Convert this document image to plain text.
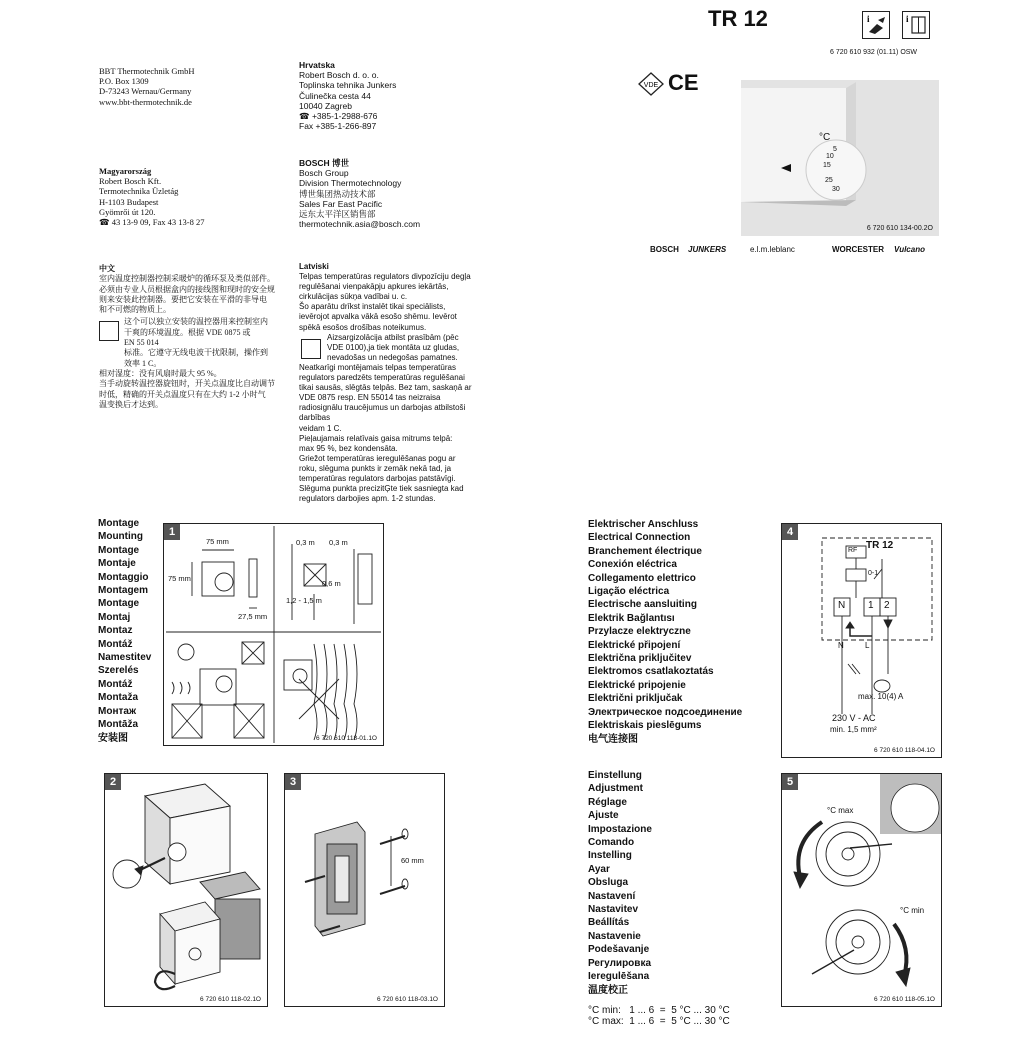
TR 12	i	i
6 720 610 932 (01.11) OSW
BBT Thermotechnik GmbH
P.O. Box 1309
D-73243 Wernau/Germany
www.bbt-thermotechnik.de
Magyarország
Robert Bosch Kft.
Termotechnika Üzletág
H-1103 Budapest
Gyömrői út 120.
☎ 43 13-9 09, Fax 43 13-8 27
Hrvatska
Robert Bosch d. o. o.
Toplinska tehnika Junkers
Čulinečka cesta 44
10040 Zagreb
☎ +385-1-2988-676
Fax +385-1-266-897
BOSCH 博世
Bosch Group
Division Thermotechnology
博世集团热动技术部
Sales Far East Pacific
远东太平洋区销售部
thermotechnik.asia@bosch.com
VDE CE
°C
5
10
15
25
30
6 720 610 134-00.2O
BOSCH JUNKERS	e.l.m.leblanc	WORCESTER Vulcano
中文
室内温度控制器控制采暖炉的循环泵及类似部件。
必须由专业人员根据盒内的接线图和现时的安全规
则来安装此控制器。要把它安装在平滑的非导电
和不可燃的物质上。
这个可以独立安装的温控器用来控制室内
干爽的环境温度。根据 VDE 0875 或
EN 55 014
标准。它遵守无线电波干扰限制，操作到
效率 1 C。
相对湿度：没有风扇时最大 95 %。
当手动旋转温控器旋钮时，开关点温度比自动调节
时低，精确的开关点温度只有在大约 1-2 小时气
温变换后才达到。
Latviski
Telpas temperatūras regulators divpozīciju degļa
regulēšanai vienpakāpju apkures iekārtās,
cirkulācijas sūkņa vadībai u. c.
Šo aparātu drīkst instalēt tikai speciālists,
ievērojot apvalka vākā esošo shēmu. Ievērot
spēkā esošos drošības noteikumus.
Aizsargizolācija atbilst prasībām (pēc
VDE 0100),ja tiek montāta uz gludas,
nevadošas un nedegošas pamatnes.
Neatkarīgi montējamais telpas temperatūras
regulators paredzēts temperatūras regulēšanai
tikai sausās, slēgtās telpās. Bez tam, saskaņā ar
VDE 0875 resp. EN 55014 tas neizraisa
radiosignālu traucējumus un darbojas atbilstoši
darbības
veidam 1 C.
Pieļaujamais relatīvais gaisa mitrums telpā:
max 95 %, bez kondensāta.
Griežot temperatūras ieregulēšanas pogu ar
roku, slēguma punkts ir zemāk nekā tad, ja
temperatūras regulators darbojas patstāvīgi.
Slēguma punkta precizitĢte tiek sasniegta kad
regulators darbojies apm. 1-2 stundas.
Montage
Mounting
Montage
Montaje
Montaggio
Montagem
Montage
Montaj
Montaz
Montáž
Namestitev
Szerelés
Montáž
Montaža
Монтаж
Montāža
安装图
1
75 mm
75 mm
27,5 mm
0,3 m 0,3 m
0,6 m
1,2 - 1,5 m
6 720 610 118-01.1O
2
6 720 610 118-02.1O
3
60 mm
6 720 610 118-03.1O
Elektrischer Anschluss
Electrical Connection
Branchement électrique
Conexión eléctrica
Collegamento elettrico
Ligação eléctrica
Electrische aansluiting
Elektrik Bağlantısı
Przylacze elektryczne
Elektrické připojení
Električna priključitev
Elektromos csatlakoztatás
Elektrické pripojenie
Električni priključak
Электрическое подсоединение
Elektriskais pieslēgums
电气连接图
4
TR 12
RF
0-1
N 1 2
N	L
max. 10(4) A
230 V - AC
min. 1,5 mm²
6 720 610 118-04.1O
Einstellung
Adjustment
Réglage
Ajuste
Impostazione
Comando
Instelling
Ayar
Obsluga
Nastavení
Nastavitev
Beállítás
Nastavenie
Podešavanje
Регулировка
Ieregulēšana
温度校正

°C min:   1 ... 6  =  5 °C ... 30 °C
°C max:  1 ... 6  =  5 °C ... 30 °C

5
°C max
°C min
6 720 610 118-05.1O
